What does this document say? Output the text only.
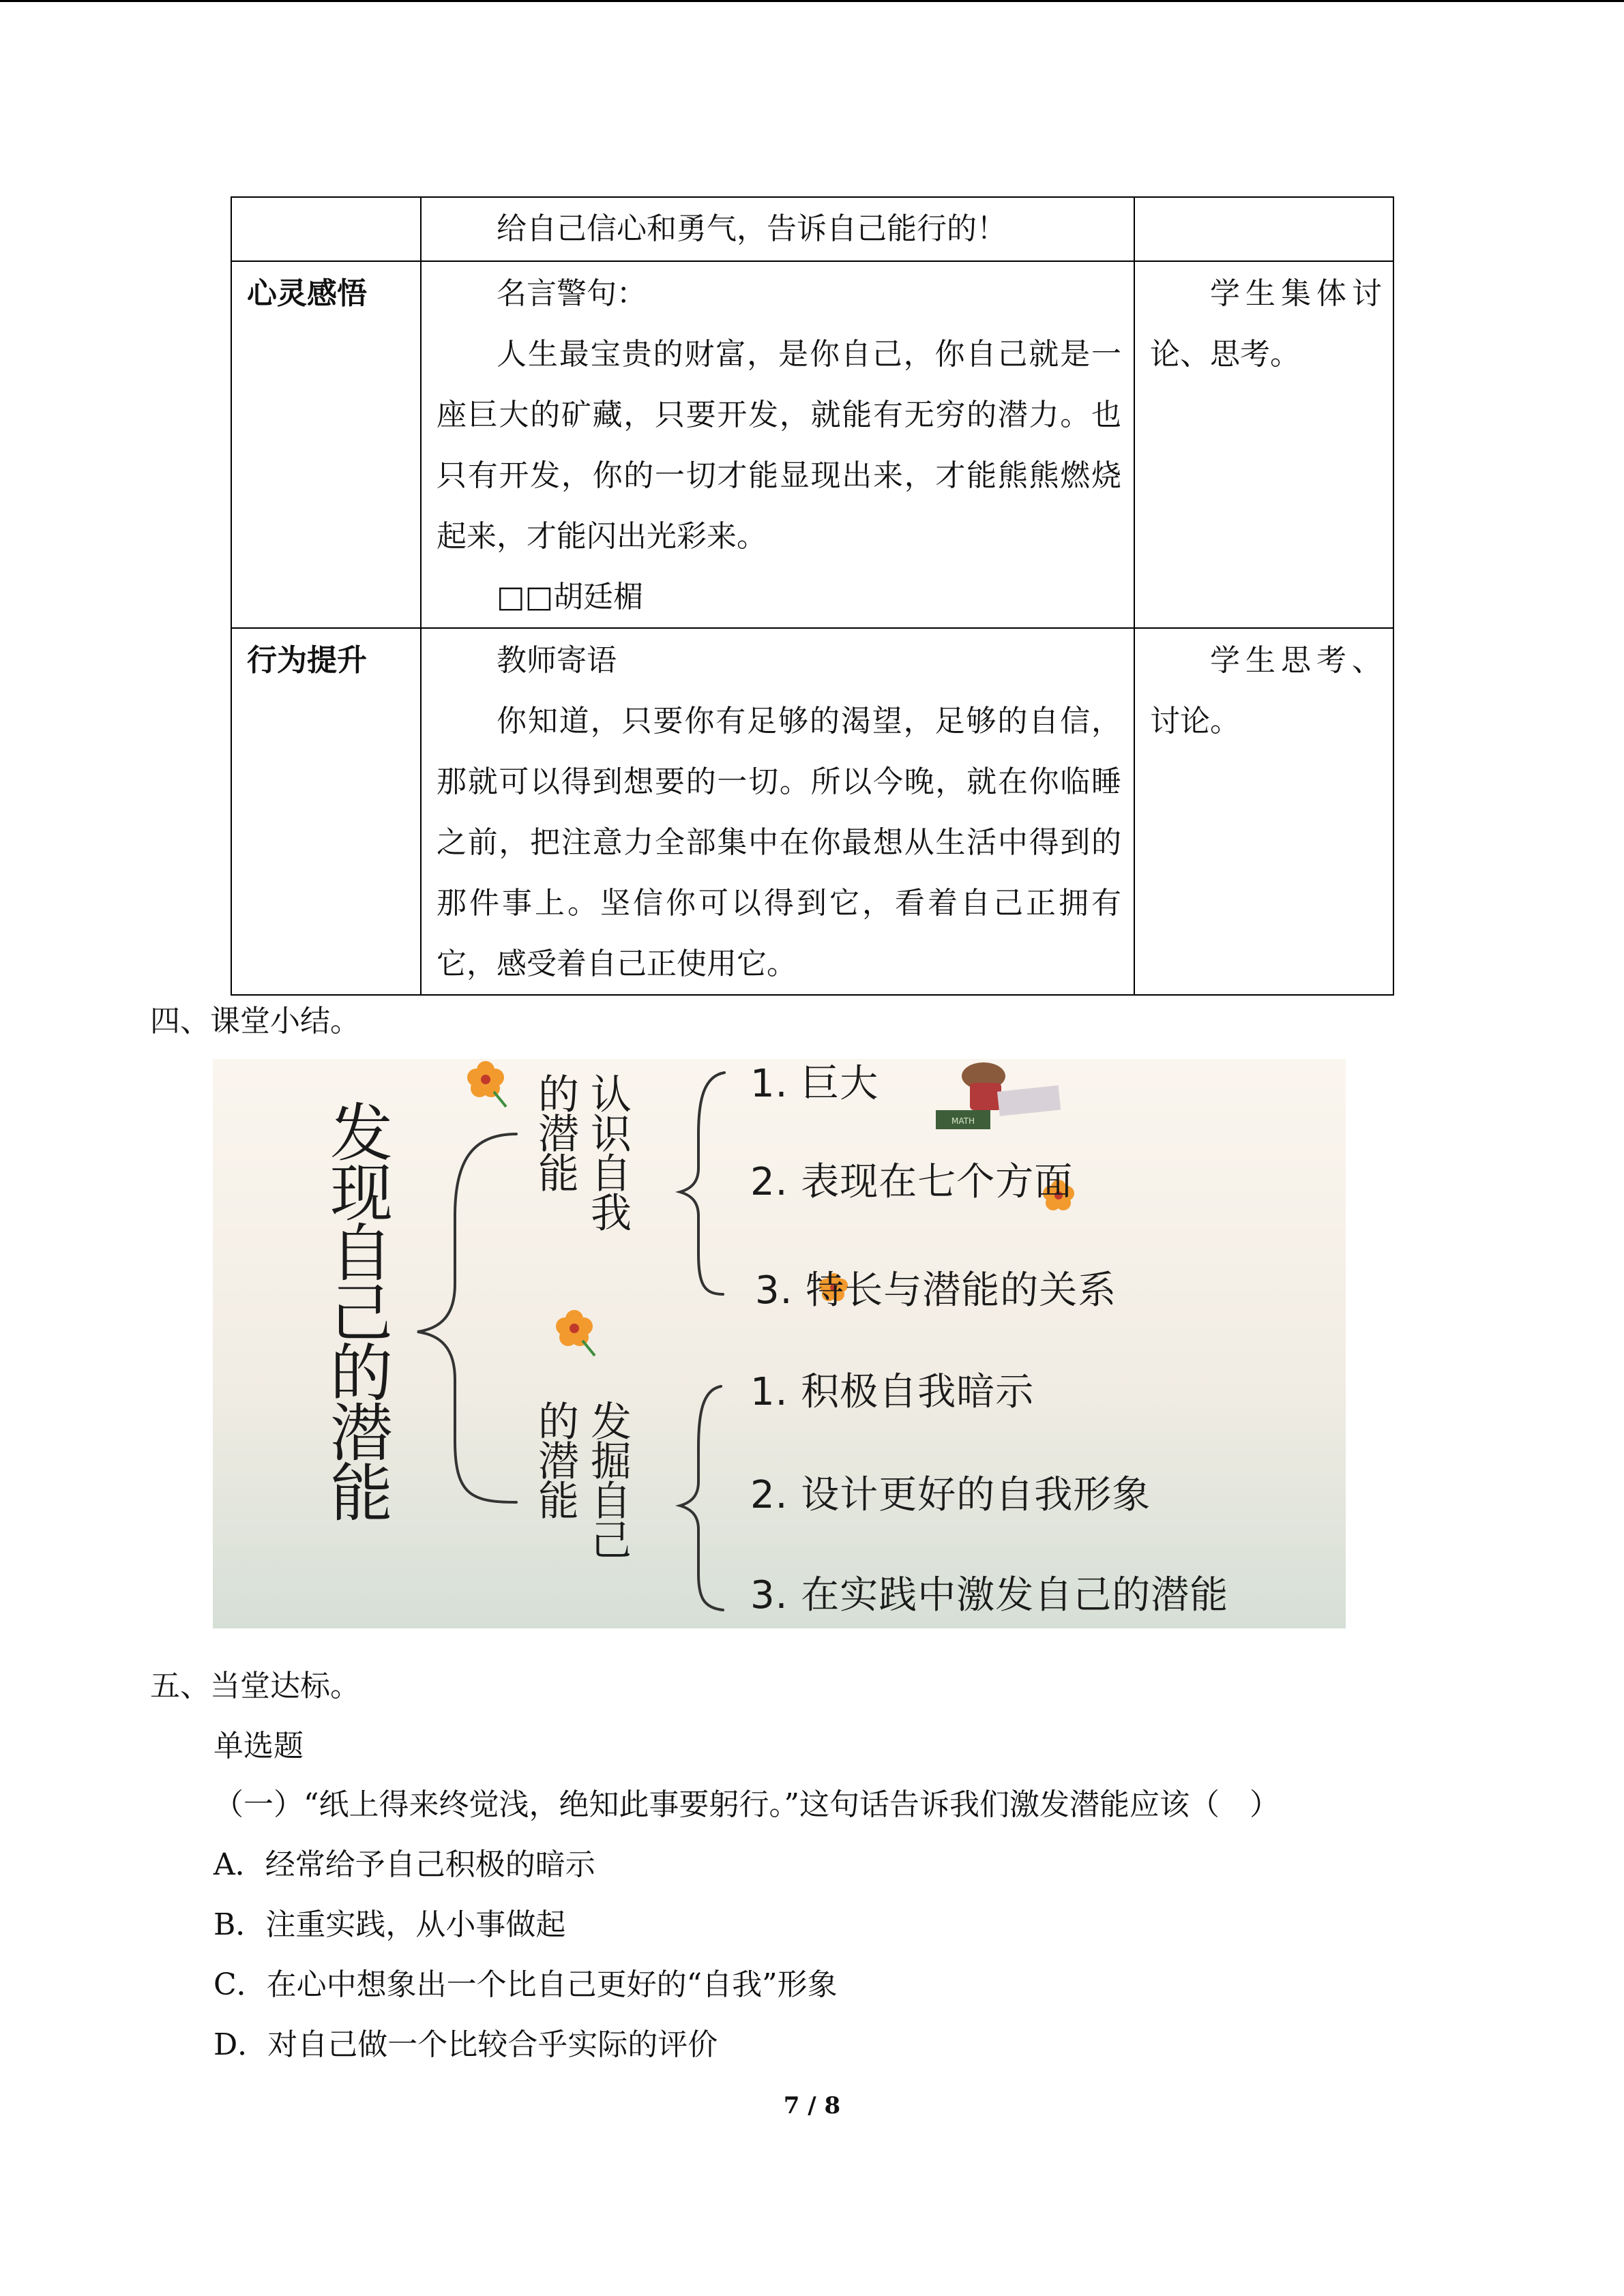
	给自己信心和勇气，告诉自己能行的！	

心灵感悟	名言警句：
人生最宝贵的财富，是你自己，你自己就是一座巨大的矿藏，只要开发，就能有无穷的潜力。也只有开发，你的一切才能显现出来，才能熊熊燃烧起来，才能闪出光彩来。
□□胡廷楣	学生集体讨论、思考。

行为提升	教师寄语
你知道，只要你有足够的渴望，足够的自信，那就可以得到想要的一切。所以今晚，就在你临睡之前，把注意力全部集中在你最想从生活中得到的那件事上。坚信你可以得到它，看着自己正拥有它，感受着自己正使用它。	学生思考、讨论。
四、课堂小结。
MATH
发现自己的潜能	认识自我
的潜能
发掘自己
的潜能
1. 巨大
2. 表现在七个方面
3. 特长与潜能的关系
1. 积极自我暗示
2. 设计更好的自我形象
3. 在实践中激发自己的潜能
五、当堂达标。
单选题
（一）“纸上得来终觉浅，绝知此事要躬行。”这句话告诉我们激发潜能应该（　）
A．经常给予自己积极的暗示
B．注重实践，从小事做起
C．在心中想象出一个比自己更好的“自我”形象
D．对自己做一个比较合乎实际的评价
7 / 8
